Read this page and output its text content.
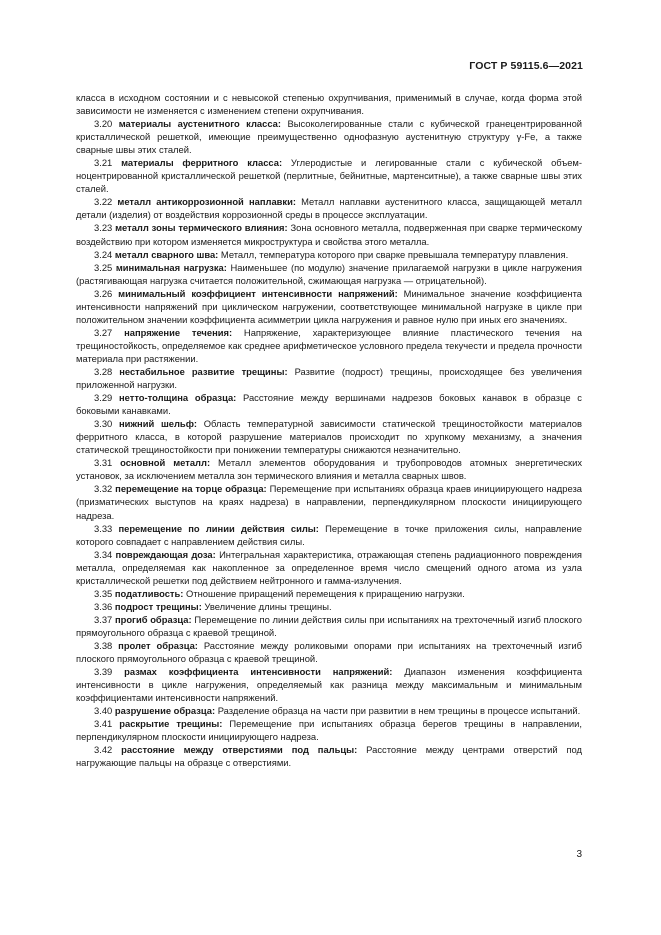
ГОСТ Р 59115.6—2021

класса в исходном состоянии и с невысокой степенью охрупчивания, применимый в случае, когда форма этой зависимости не изменяется с изменением степени охрупчивания.

3.20 материалы аустенитного класса: Высоколегированные стали с кубической гранецентрированной кристаллической решеткой, имеющие преимущественно однофазную аустенитную структуру γ-Fe, а также сварные швы этих сталей.

3.21 материалы ферритного класса: Углеродистые и легированные стали с кубической объемноцентрированной кристаллической решеткой (перлитные, бейнитные, мартенситные), а также сварные швы этих сталей.

3.22 металл антикоррозионной наплавки: Металл наплавки аустенитного класса, защищающей металл детали (изделия) от воздействия коррозионной среды в процессе эксплуатации.

3.23 металл зоны термического влияния: Зона основного металла, подверженная при сварке термическому воздействию при котором изменяется микроструктура и свойства этого металла.

3.24 металл сварного шва: Металл, температура которого при сварке превышала температуру плавления.

3.25 минимальная нагрузка: Наименьшее (по модулю) значение прилагаемой нагрузки в цикле нагружения (растягивающая нагрузка считается положительной, сжимающая нагрузка — отрицательной).

3.26 минимальный коэффициент интенсивности напряжений: Минимальное значение коэффициента интенсивности напряжений при циклическом нагружении, соответствующее минимальной нагрузке в цикле при положительном значении коэффициента асимметрии цикла нагружения и равное нулю при иных его значениях.

3.27 напряжение течения: Напряжение, характеризующее влияние пластического течения на трещиностойкость, определяемое как среднее арифметическое условного предела текучести и предела прочности материала при растяжении.

3.28 нестабильное развитие трещины: Развитие (подрост) трещины, происходящее без увеличения приложенной нагрузки.

3.29 нетто-толщина образца: Расстояние между вершинами надрезов боковых канавок в образце с боковыми канавками.

3.30 нижний шельф: Область температурной зависимости статической трещиностойкости материалов ферритного класса, в которой разрушение материалов происходит по хрупкому механизму, а значения статической трещиностойкости при понижении температуры снижаются незначительно.

3.31 основной металл: Металл элементов оборудования и трубопроводов атомных энергетических установок, за исключением металла зон термического влияния и металла сварных швов.

3.32 перемещение на торце образца: Перемещение при испытаниях образца краев инициирующего надреза (призматических выступов на краях надреза) в направлении, перпендикулярном плоскости инициирующего надреза.

3.33 перемещение по линии действия силы: Перемещение в точке приложения силы, направление которого совпадает с направлением действия силы.

3.34 повреждающая доза: Интегральная характеристика, отражающая степень радиационного повреждения металла, определяемая как накопленное за определенное время число смещений одного атома из узла кристаллической решетки под действием нейтронного и гамма-излучения.

3.35 податливость: Отношение приращений перемещения к приращению нагрузки.

3.36 подрост трещины: Увеличение длины трещины.

3.37 прогиб образца: Перемещение по линии действия силы при испытаниях на трехточечный изгиб плоского прямоугольного образца с краевой трещиной.

3.38 пролет образца: Расстояние между роликовыми опорами при испытаниях на трехточечный изгиб плоского прямоугольного образца с краевой трещиной.

3.39 размах коэффициента интенсивности напряжений: Диапазон изменения коэффициента интенсивности в цикле нагружения, определяемый как разница между максимальным и минимальным коэффициентами интенсивности напряжений.

3.40 разрушение образца: Разделение образца на части при развитии в нем трещины в процессе испытаний.

3.41 раскрытие трещины: Перемещение при испытаниях образца берегов трещины в направлении, перпендикулярном плоскости инициирующего надреза.

3.42 расстояние между отверстиями под пальцы: Расстояние между центрами отверстий под нагружающие пальцы на образце с отверстиями.

3
